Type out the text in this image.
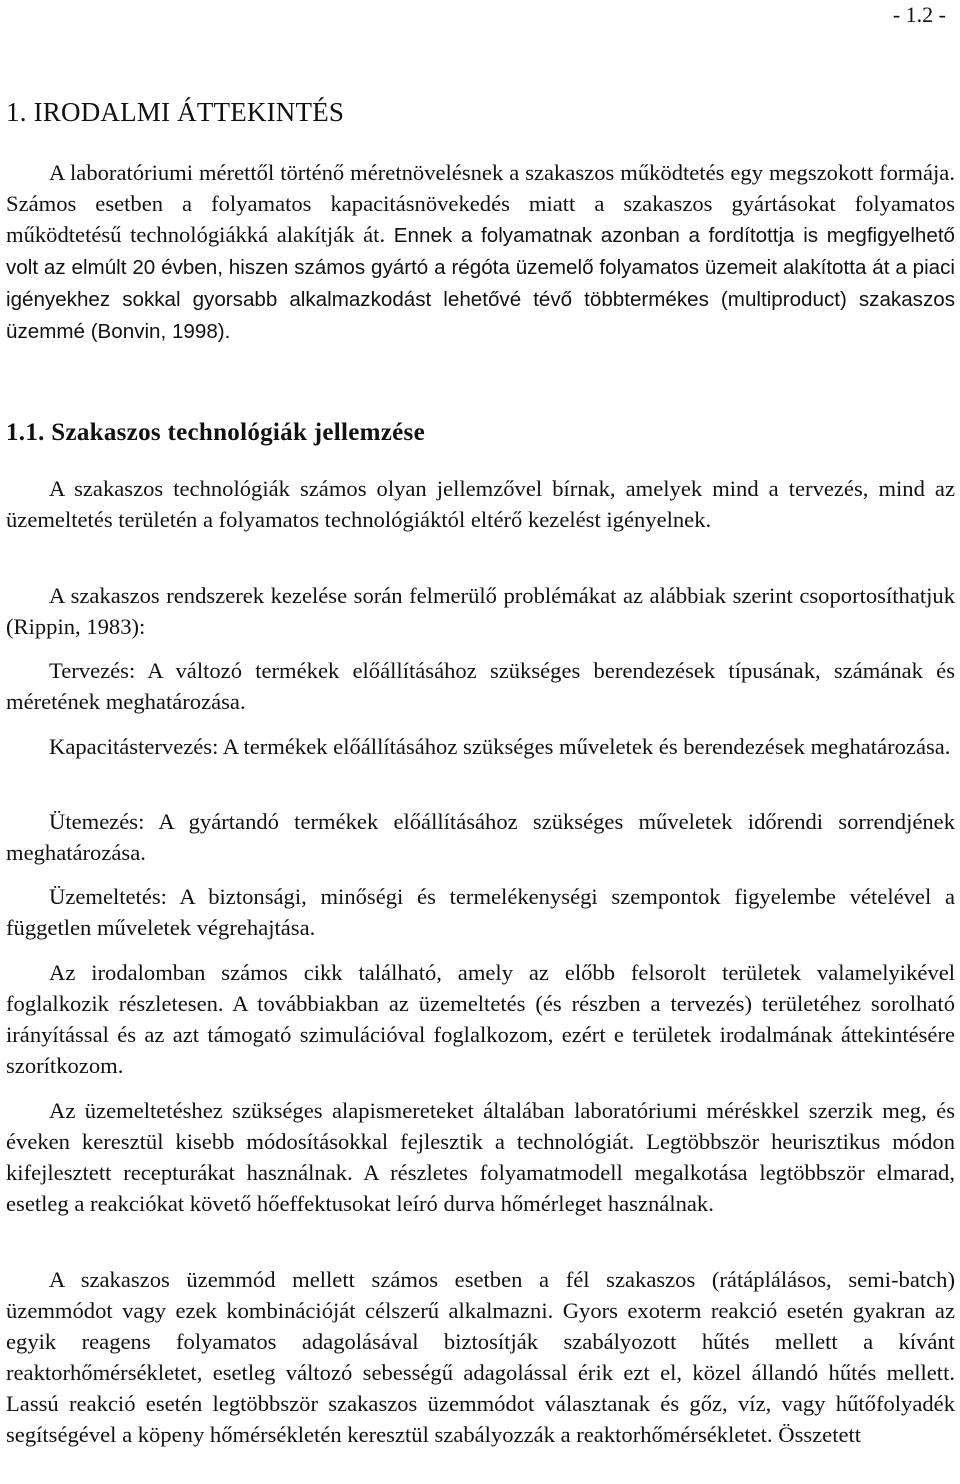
- 1.2 -
1. IRODALMI ÁTTEKINTÉS

A laboratóriumi mérettől történő méretnövelésnek a szakaszos működtetés egy megszokott formája. Számos esetben a folyamatos kapacitásnövekedés miatt a szakaszos gyártásokat folyamatos működtetésű technológiákká alakítják át. Ennek a folyamatnak azonban a fordítottja is megfigyelhető volt az elmúlt 20 évben, hiszen számos gyártó a régóta üzemelő folyamatos üzemeit alakította át a piaci igényekhez sokkal gyorsabb alkalmazkodást lehetővé tévő többtermékes (multiproduct) szakaszos üzemmé (Bonvin, 1998).

1.1. Szakaszos technológiák jellemzése

A szakaszos technológiák számos olyan jellemzővel bírnak, amelyek mind a tervezés, mind az üzemeltetés területén a folyamatos technológiáktól eltérő kezelést igényelnek.

A szakaszos rendszerek kezelése során felmerülő problémákat az alábbiak szerint csoportosíthatjuk (Rippin, 1983):

Tervezés: A változó termékek előállításához szükséges berendezések típusának, számának és méretének meghatározása.

Kapacitástervezés: A termékek előállításához szükséges műveletek és berendezések meghatározása.

Ütemezés: A gyártandó termékek előállításához szükséges műveletek időrendi sorrendjének meghatározása.

Üzemeltetés: A biztonsági, minőségi és termelékenységi szempontok figyelembe vételével a független műveletek végrehajtása.

Az irodalomban számos cikk található, amely az előbb felsorolt területek valamelyikével foglalkozik részletesen. A továbbiakban az üzemeltetés (és részben a tervezés) területéhez sorolható irányítással és az azt támogató szimulációval foglalkozom, ezért e területek irodalmának áttekintésére szorítkozom.

Az üzemeltetéshez szükséges alapismereteket általában laboratóriumi méréskkel szerzik meg, és éveken keresztül kisebb módosításokkal fejlesztik a technológiát. Legtöbbször heurisztikus módon kifejlesztett recepturákat használnak. A részletes folyamatmodell megalkotása legtöbbször elmarad, esetleg a reakciókat követő hőeffektusokat leíró durva hőmérleget használnak.

A szakaszos üzemmód mellett számos esetben a fél szakaszos (rátáplálásos, semi-batch) üzemmódot vagy ezek kombinációját célszerű alkalmazni. Gyors exoterm reakció esetén gyakran az egyik reagens folyamatos adagolásával biztosítják szabályozott hűtés mellett a kívánt reaktorhőmérsékletet, esetleg változó sebességű adagolással érik ezt el, közel állandó hűtés mellett. Lassú reakció esetén legtöbbször szakaszos üzemmódot választanak és gőz, víz, vagy hűtőfolyadék segítségével a köpeny hőmérsékletén keresztül szabályozzák a reaktorhőmérsékletet. Összetett
